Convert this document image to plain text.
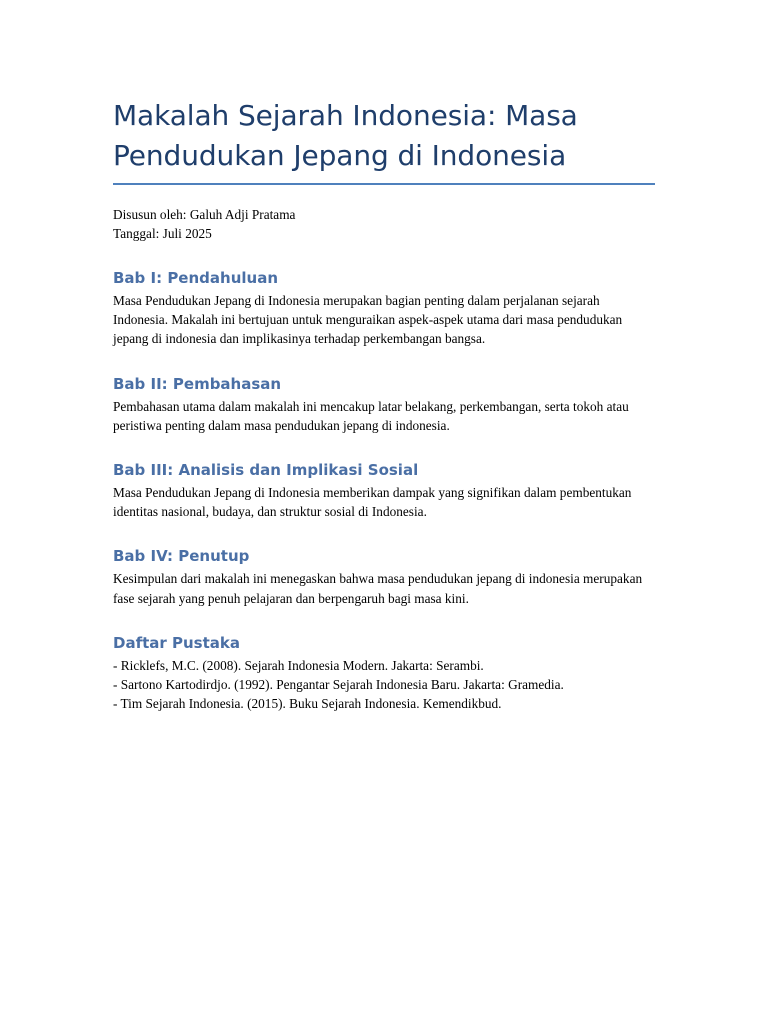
Makalah Sejarah Indonesia: Masa Pendudukan Jepang di Indonesia
Disusun oleh: Galuh Adji Pratama
Tanggal: Juli 2025
Bab I: Pendahuluan

Masa Pendudukan Jepang di Indonesia merupakan bagian penting dalam perjalanan sejarah Indonesia. Makalah ini bertujuan untuk menguraikan aspek-aspek utama dari masa pendudukan jepang di indonesia dan implikasinya terhadap perkembangan bangsa.

Bab II: Pembahasan

Pembahasan utama dalam makalah ini mencakup latar belakang, perkembangan, serta tokoh atau peristiwa penting dalam masa pendudukan jepang di indonesia.

Bab III: Analisis dan Implikasi Sosial

Masa Pendudukan Jepang di Indonesia memberikan dampak yang signifikan dalam pembentukan identitas nasional, budaya, dan struktur sosial di Indonesia.

Bab IV: Penutup

Kesimpulan dari makalah ini menegaskan bahwa masa pendudukan jepang di indonesia merupakan fase sejarah yang penuh pelajaran dan berpengaruh bagi masa kini.

Daftar Pustaka

- Ricklefs, M.C. (2008). Sejarah Indonesia Modern. Jakarta: Serambi.

- Sartono Kartodirdjo. (1992). Pengantar Sejarah Indonesia Baru. Jakarta: Gramedia.

- Tim Sejarah Indonesia. (2015). Buku Sejarah Indonesia. Kemendikbud.
